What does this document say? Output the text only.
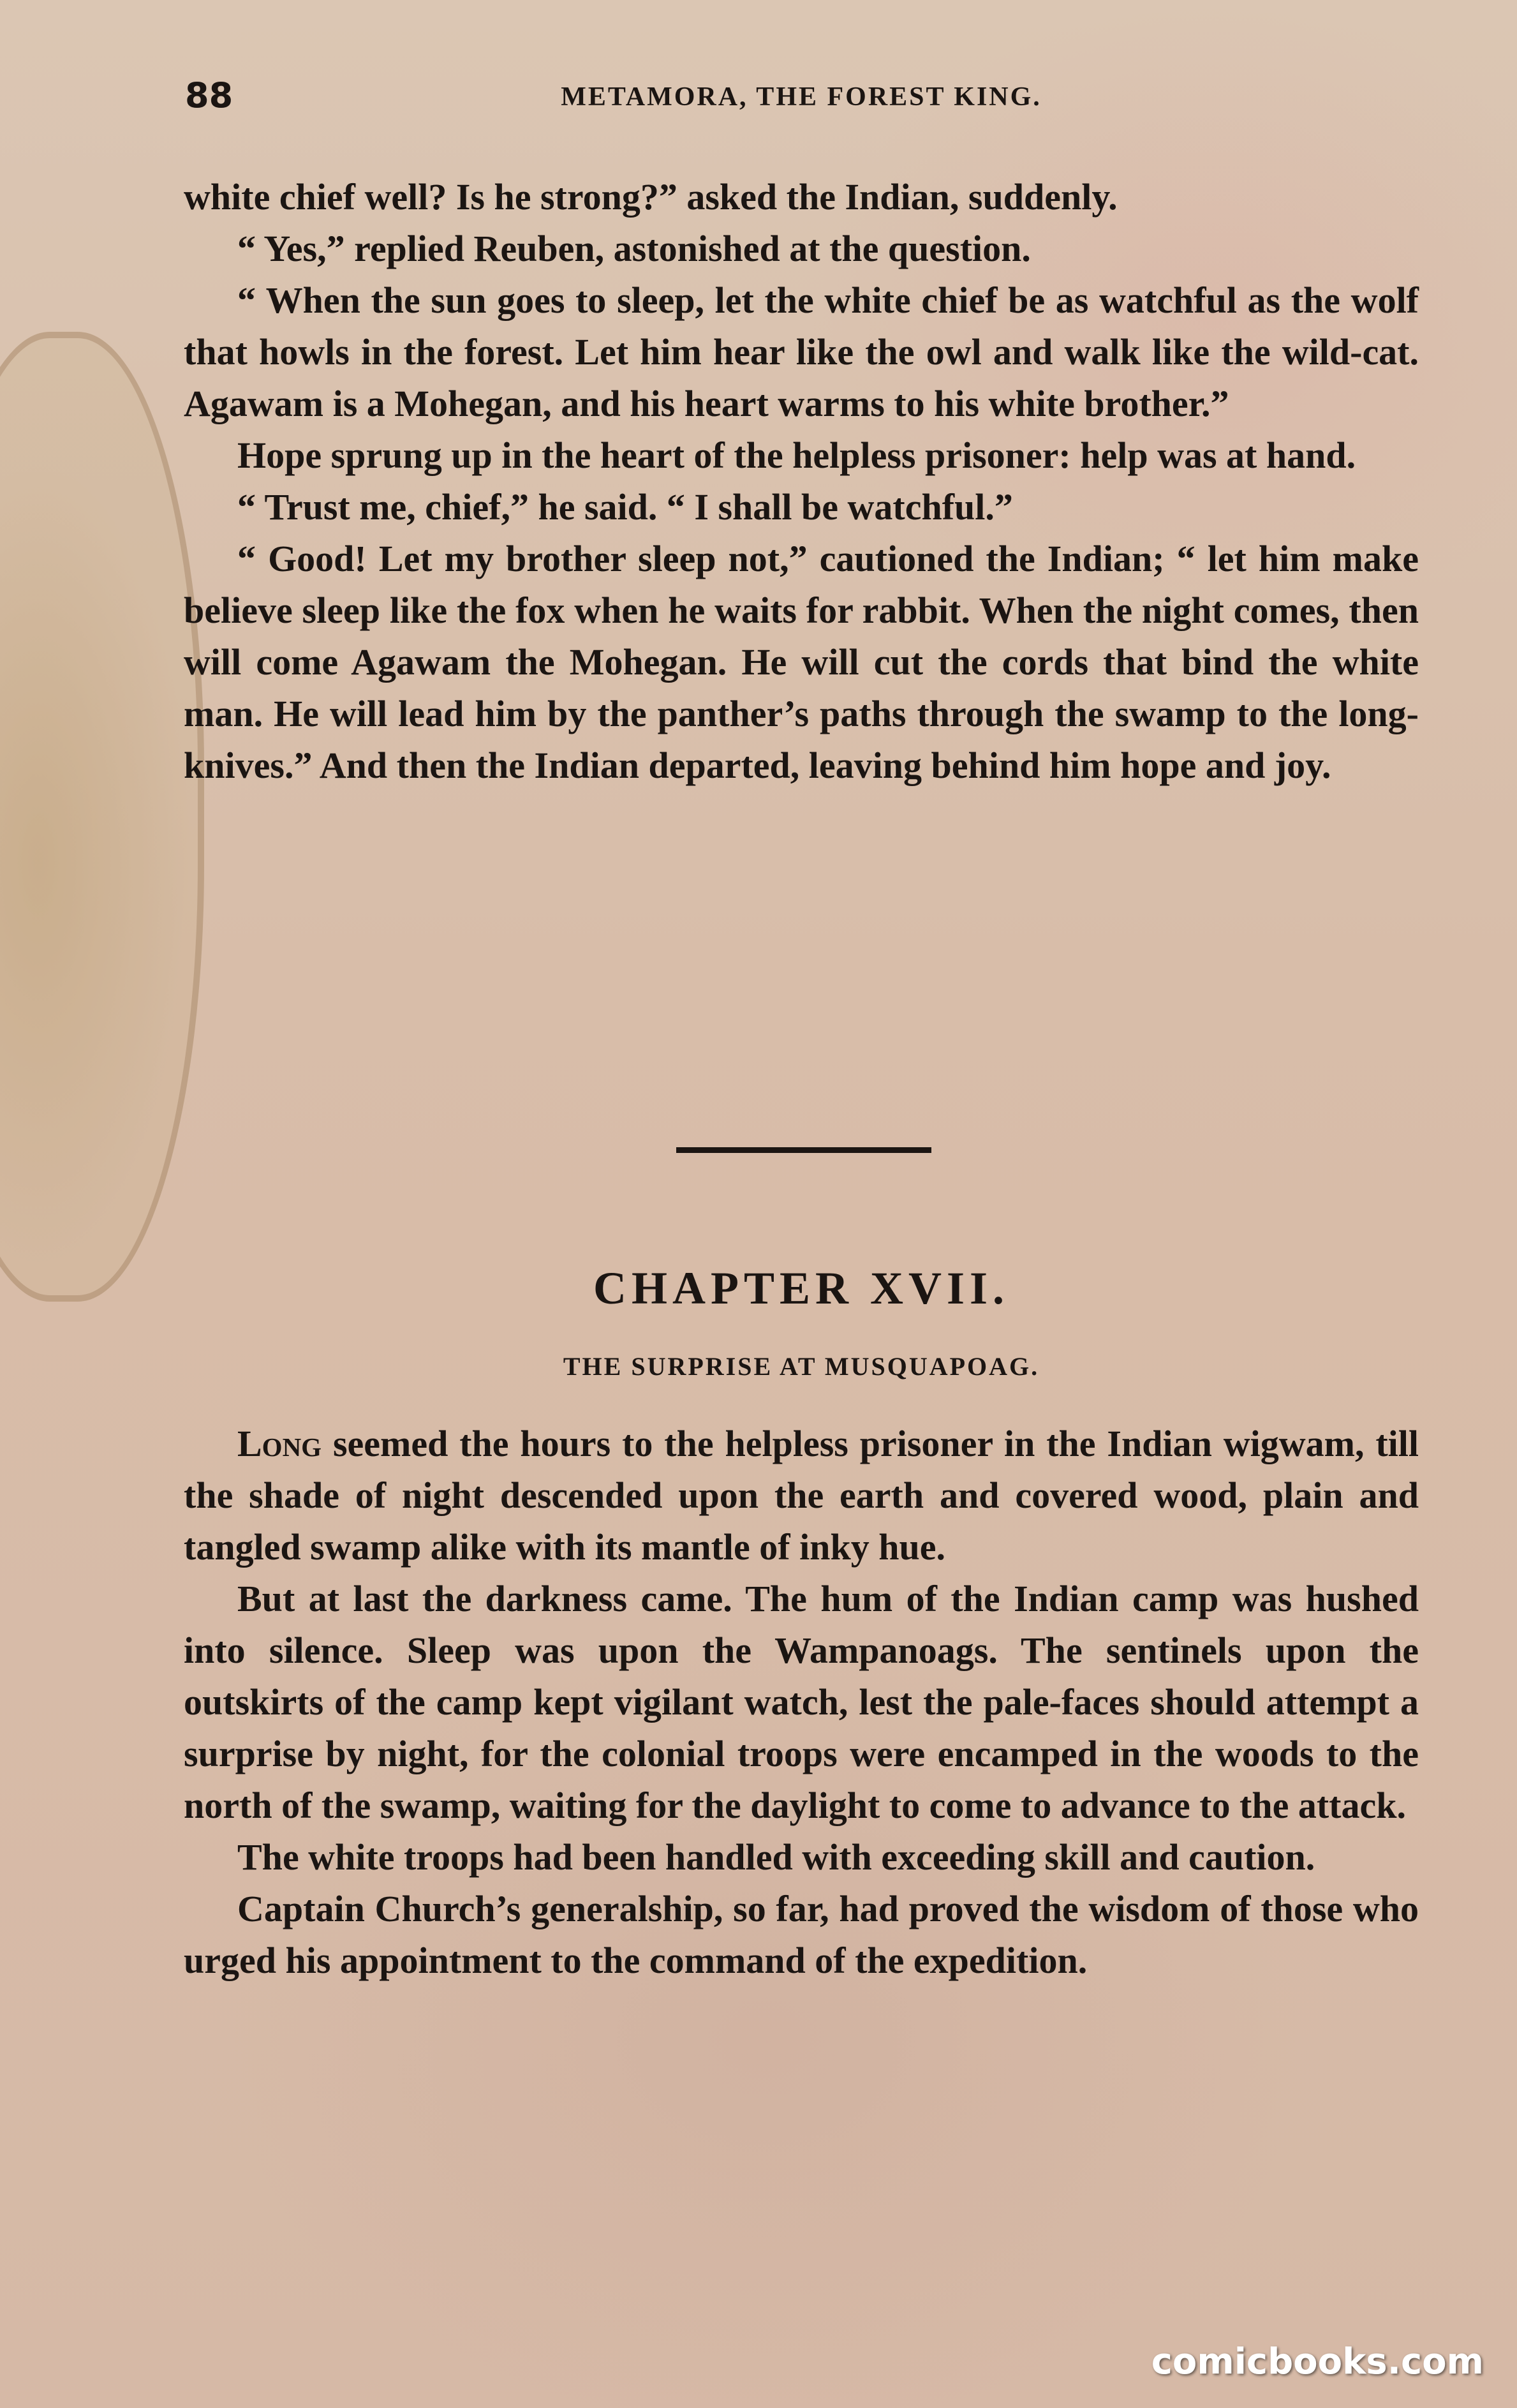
88	METAMORA, THE FOREST KING.

white chief well? Is he strong?” asked the Indian, suddenly.

“ Yes,” replied Reuben, astonished at the question.

“ When the sun goes to sleep, let the white chief be as watchful as the wolf that howls in the forest. Let him hear like the owl and walk like the wild-cat. Agawam is a Mohegan, and his heart warms to his white brother.”

Hope sprung up in the heart of the helpless prisoner: help was at hand.

“ Trust me, chief,” he said. “ I shall be watchful.”

“ Good! Let my brother sleep not,” cautioned the Indian; “ let him make believe sleep like the fox when he waits for rabbit. When the night comes, then will come Agawam the Mohegan. He will cut the cords that bind the white man. He will lead him by the panther’s paths through the swamp to the long-knives.” And then the Indian departed, leaving behind him hope and joy.

CHAPTER XVII.
THE SURPRISE AT MUSQUAPOAG.

Long seemed the hours to the helpless prisoner in the Indian wigwam, till the shade of night descended upon the earth and covered wood, plain and tangled swamp alike with its mantle of inky hue.

But at last the darkness came. The hum of the Indian camp was hushed into silence. Sleep was upon the Wampanoags. The sentinels upon the outskirts of the camp kept vigilant watch, lest the pale-faces should attempt a surprise by night, for the colonial troops were encamped in the woods to the north of the swamp, waiting for the daylight to come to advance to the attack.

The white troops had been handled with exceeding skill and caution.

Captain Church’s generalship, so far, had proved the wisdom of those who urged his appointment to the command of the expedition.

comicbooks.com
